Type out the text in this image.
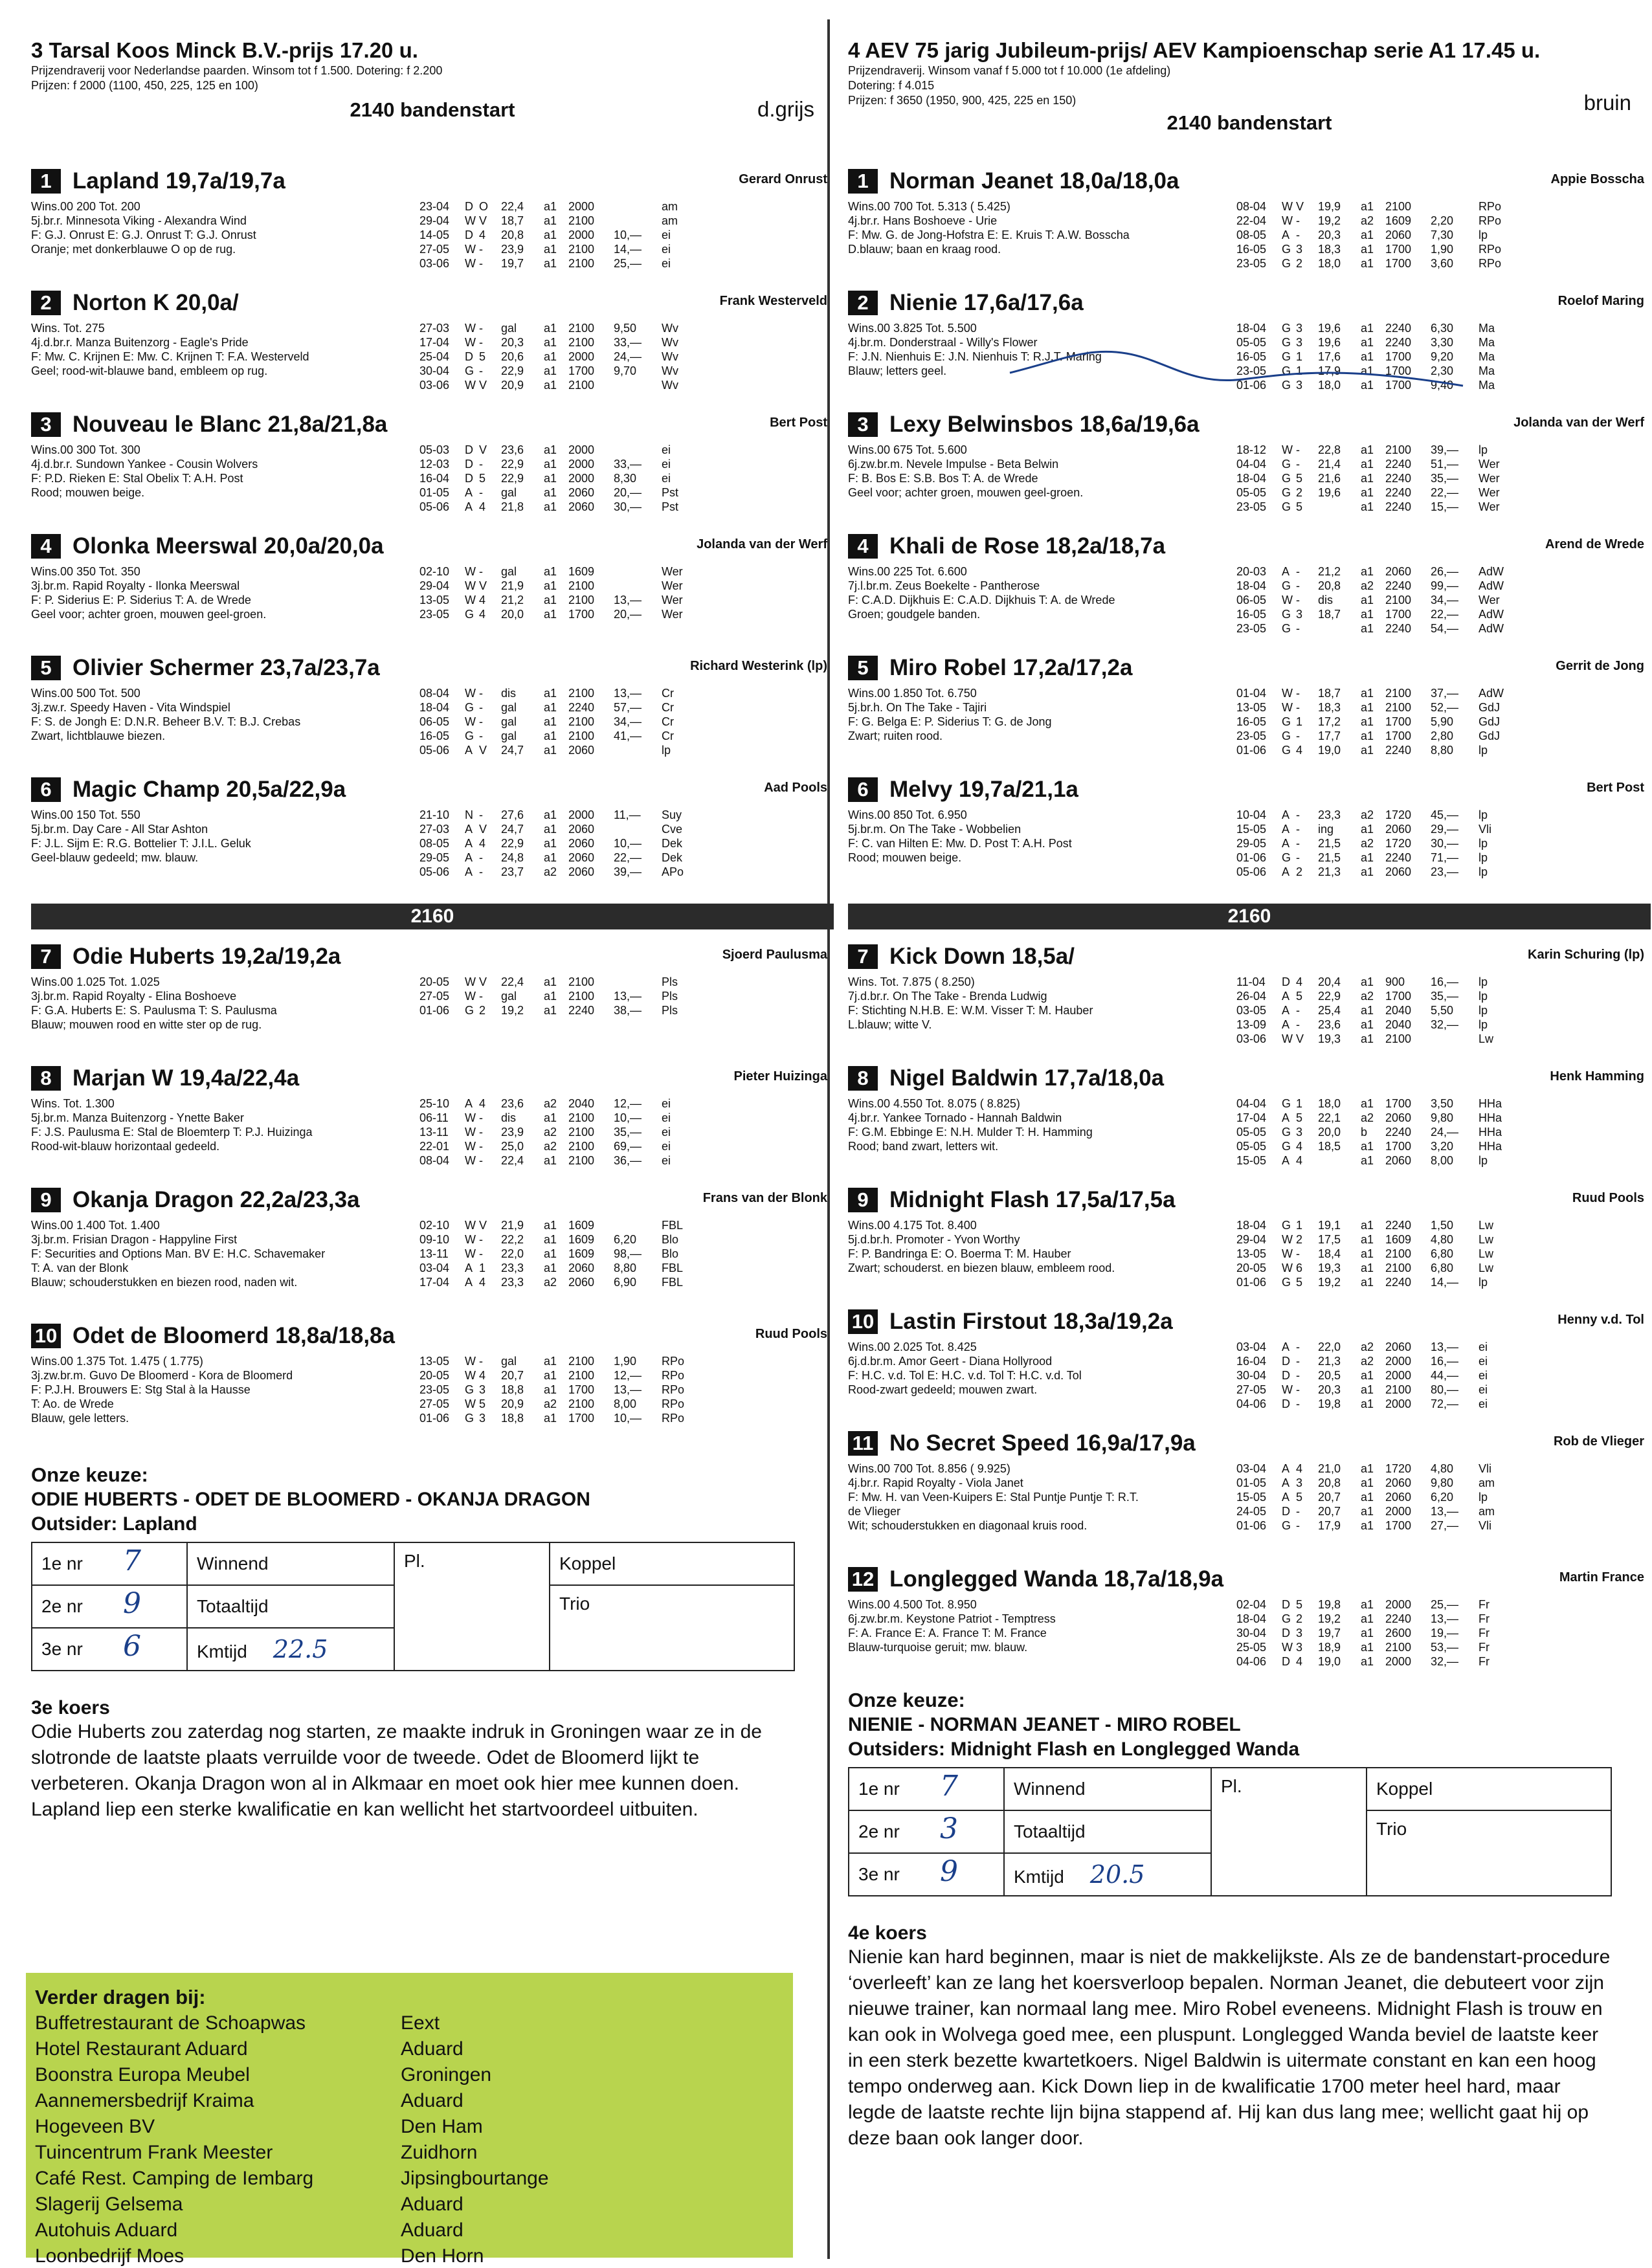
3 Tarsal Koos Minck B.V.-prijs 17.20 u.
Prijzendraverij voor Nederlandse paarden. Winsom tot f 1.500. Dotering: f 2.200
Prijzen: f 2000 (1100, 450, 225, 125 en 100)
2140 bandenstart	d.grijs
1 Lapland 19,7a/19,7a	Gerard Onrust
Wins.00 200 Tot. 200
5j.br.r. Minnesota Viking - Alexandra Wind
F: G.J. Onrust E: G.J. Onrust T: G.J. Onrust
Oranje; met donkerblauwe O op de rug.
23-04	D O	22,4	a1 2000	am
29-04	W V	18,7	a1 2100	am
14-05	D 4	20,8	a1 2000	10,—	ei
27-05	W -	23,9	a1 2100	14,—	ei
03-06	W -	19,7	a1 2100	25,—	ei
2 Norton K 20,0a/	Frank Westerveld
Wins. Tot. 275
4j.d.br.r. Manza Buitenzorg - Eagle's Pride
F: Mw. C. Krijnen E: Mw. C. Krijnen T: F.A. Westerveld
Geel; rood-wit-blauwe band, embleem op rug.
27-03	W -	gal	a1 2100	9,50	Wv
17-04	W -	20,3	a1 2100	33,—	Wv
25-04	D 5	20,6	a1 2000	24,—	Wv
30-04	G -	22,9	a1 1700	9,70	Wv
03-06	W V	20,9	a1 2100	Wv
3 Nouveau le Blanc 21,8a/21,8a	Bert Post
Wins.00 300 Tot. 300
4j.d.br.r. Sundown Yankee - Cousin Wolvers
F: P.D. Rieken E: Stal Obelix T: A.H. Post
Rood; mouwen beige.
05-03	D V	23,6	a1 2000	ei
12-03	D -	22,9	a1 2000	33,—	ei
16-04	D 5	22,9	a1 2000	8,30	ei
01-05	A -	gal	a1 2060	20,—	Pst
05-06	A 4	21,8	a1 2060	30,—	Pst
4 Olonka Meerswal 20,0a/20,0a	Jolanda van der Werf
Wins.00 350 Tot. 350
3j.br.m. Rapid Royalty - Ilonka Meerswal
F: P. Siderius E: P. Siderius T: A. de Wrede
Geel voor; achter groen, mouwen geel-groen.
02-10	W -	gal	a1 1609	Wer
29-04	W V	21,9	a1 2100	Wer
13-05	W 4	21,2	a1 2100	13,—	Wer
23-05	G 4	20,0	a1 1700	20,—	Wer
5 Olivier Schermer 23,7a/23,7a	Richard Westerink (lp)
Wins.00 500 Tot. 500
3j.zw.r. Speedy Haven - Vita Windspiel
F: S. de Jongh E: D.N.R. Beheer B.V. T: B.J. Crebas
Zwart, lichtblauwe biezen.
08-04	W -	dis	a1 2100	13,—	Cr
18-04	G -	gal	a1 2240	57,—	Cr
06-05	W -	gal	a1 2100	34,—	Cr
16-05	G -	gal	a1 2100	41,—	Cr
05-06	A V	24,7	a1 2060	lp
6 Magic Champ 20,5a/22,9a	Aad Pools
Wins.00 150 Tot. 550
5j.br.m. Day Care - All Star Ashton
F: J.L. Sijm E: R.G. Bottelier T: J.I.L. Geluk
Geel-blauw gedeeld; mw. blauw.
21-10	N -	27,6	a1 2000	11,—	Suy
27-03	A V	24,7	a1 2060	Cve
08-05	A 4	22,9	a1 2060	10,—	Dek
29-05	A -	24,8	a1 2060	22,—	Dek
05-06	A -	23,7	a2 2060	39,—	APo
2160
7 Odie Huberts 19,2a/19,2a	Sjoerd Paulusma
Wins.00 1.025 Tot. 1.025
3j.br.m. Rapid Royalty - Elina Boshoeve
F: G.A. Huberts E: S. Paulusma T: S. Paulusma
Blauw; mouwen rood en witte ster op de rug.
20-05	W V	22,4	a1 2100	Pls
27-05	W -	gal	a1 2100	13,—	Pls
01-06	G 2	19,2	a1 2240	38,—	Pls
8 Marjan W 19,4a/22,4a	Pieter Huizinga
Wins. Tot. 1.300
5j.br.m. Manza Buitenzorg - Ynette Baker
F: J.S. Paulusma E: Stal de Bloemterp T: P.J. Huizinga
Rood-wit-blauw horizontaal gedeeld.
25-10	A 4	23,6	a2 2040	12,—	ei
06-11	W -	dis	a1 2100	10,—	ei
13-11	W -	23,9	a2 2100	35,—	ei
22-01	W -	25,0	a2 2100	69,—	ei
08-04	W -	22,4	a1 2100	36,—	ei
9 Okanja Dragon 22,2a/23,3a	Frans van der Blonk
Wins.00 1.400 Tot. 1.400
3j.br.m. Frisian Dragon - Happyline First
F: Securities and Options Man. BV E: H.C. Schavemaker
T: A. van der Blonk
Blauw; schouderstukken en biezen rood, naden wit.
02-10	W V	21,9	a1 1609	FBL
09-10	W -	22,2	a1 1609	6,20	Blo
13-11	W -	22,0	a1 1609	98,—	Blo
03-04	A 1	23,3	a1 2060	8,80	FBL
17-04	A 4	23,3	a2 2060	6,90	FBL
10 Odet de Bloomerd 18,8a/18,8a	Ruud Pools
Wins.00 1.375 Tot. 1.475 ( 1.775)
3j.zw.br.m. Guvo De Bloomerd - Kora de Bloomerd
F: P.J.H. Brouwers E: Stg Stal à la Hausse
T: Ao. de Wrede
Blauw, gele letters.
13-05	W -	gal	a1 2100	1,90	RPo
20-05	W 4	20,7	a1 2100	12,—	RPo
23-05	G 3	18,8	a1 1700	13,—	RPo
27-05	W 5	20,9	a2 2100	8,00	RPo
01-06	G 3	18,8	a1 1700	10,—	RPo
Onze keuze:
ODIE HUBERTS - ODET DE BLOOMERD - OKANJA DRAGON
Outsider: Lapland
1e nr 7	Winnend	Pl.	Koppel
2e nr 9	Totaaltijd		Trio
3e nr 6	Kmtijd 22.5		
3e koers
Odie Huberts zou zaterdag nog starten, ze maakte indruk in Groningen waar ze in de slotronde de laatste plaats verruilde voor de tweede. Odet de Bloomerd lijkt te verbeteren. Okanja Dragon won al in Alkmaar en moet ook hier mee kunnen doen. Lapland liep een sterke kwalificatie en kan wellicht het startvoordeel uitbuiten.
Verder dragen bij:
Buffetrestaurant de Schoapwas	Eext
Hotel Restaurant Aduard	Aduard
Boonstra Europa Meubel	Groningen
Aannemersbedrijf Kraima	Aduard
Hogeveen BV	Den Ham
Tuincentrum Frank Meester	Zuidhorn
Café Rest. Camping de Iembarg	Jipsingbourtange
Slagerij Gelsema	Aduard
Autohuis Aduard	Aduard
Loonbedrijf Moes	Den Horn
4 AEV 75 jarig Jubileum-prijs/ AEV Kampioenschap serie A1 17.45 u.
Prijzendraverij. Winsom vanaf f 5.000 tot f 10.000 (1e afdeling)
Dotering: f 4.015
Prijzen: f 3650 (1950, 900, 425, 225 en 150)
2140 bandenstart
bruin
1 Norman Jeanet 18,0a/18,0a	Appie Bosscha
Wins.00 700 Tot. 5.313 ( 5.425)
4j.br.r. Hans Boshoeve - Urie
F: Mw. G. de Jong-Hofstra E: E. Kruis T: A.W. Bosscha
D.blauw; baan en kraag rood.
08-04	W V	19,9	a1 2100	RPo
22-04	W -	19,2	a2 1609	2,20	RPo
08-05	A -	20,3	a1 2060	7,30	lp
16-05	G 3	18,3	a1 1700	1,90	RPo
23-05	G 2	18,0	a1 1700	3,60	RPo
2 Nienie 17,6a/17,6a	Roelof Maring
Wins.00 3.825 Tot. 5.500
4j.br.m. Donderstraal - Willy's Flower
F: J.N. Nienhuis E: J.N. Nienhuis T: R.J.T. Maring
Blauw; letters geel.
18-04	G 3	19,6	a1 2240	6,30	Ma
05-05	G 3	19,6	a1 2240	3,30	Ma
16-05	G 1	17,6	a1 1700	9,20	Ma
23-05	G 1	17,9	a1 1700	2,30	Ma
01-06	G 3	18,0	a1 1700	9,40	Ma
3 Lexy Belwinsbos 18,6a/19,6a	Jolanda van der Werf
Wins.00 675 Tot. 5.600
6j.zw.br.m. Nevele Impulse - Beta Belwin
F: B. Bos E: S.B. Bos T: A. de Wrede
Geel voor; achter groen, mouwen geel-groen.
18-12	W -	22,8	a1 2100	39,—	lp
04-04	G -	21,4	a1 2240	51,—	Wer
18-04	G 5	21,6	a1 2240	35,—	Wer
05-05	G 2	19,6	a1 2240	22,—	Wer
23-05	G 5	a1 2240	15,—	Wer
4 Khali de Rose 18,2a/18,7a	Arend de Wrede
Wins.00 225 Tot. 6.600
7j.l.br.m. Zeus Boekelte - Pantherose
F: C.A.D. Dijkhuis E: C.A.D. Dijkhuis T: A. de Wrede
Groen; goudgele banden.
20-03	A -	21,2	a1 2060	26,—	AdW
18-04	G -	20,8	a2 2240	99,—	AdW
06-05	W -	dis	a1 2100	34,—	Wer
16-05	G 3	18,7	a1 1700	22,—	AdW
23-05	G -	a1 2240	54,—	AdW
5 Miro Robel 17,2a/17,2a	Gerrit de Jong
Wins.00 1.850 Tot. 6.750
5j.br.h. On The Take - Tajiri
F: G. Belga E: P. Siderius T: G. de Jong
Zwart; ruiten rood.
01-04	W -	18,7	a1 2100	37,—	AdW
13-05	W -	18,3	a1 2100	52,—	GdJ
16-05	G 1	17,2	a1 1700	5,90	GdJ
23-05	G -	17,7	a1 1700	2,80	GdJ
01-06	G 4	19,0	a1 2240	8,80	lp
6 Melvy 19,7a/21,1a	Bert Post
Wins.00 850 Tot. 6.950
5j.br.m. On The Take - Wobbelien
F: C. van Hilten E: Mw. D. Post T: A.H. Post
Rood; mouwen beige.
10-04	A -	23,3	a2 1720	45,—	lp
15-05	A -	ing	a1 2060	29,—	Vli
29-05	A -	21,5	a2 1720	30,—	lp
01-06	G -	21,5	a1 2240	71,—	lp
05-06	A 2	21,3	a1 2060	23,—	lp
2160
7 Kick Down 18,5a/	Karin Schuring (lp)
Wins. Tot. 7.875 ( 8.250)
7j.d.br.r. On The Take - Brenda Ludwig
F: Stichting N.H.B. E: W.M. Visser T: M. Hauber
L.blauw; witte V.
11-04	D 4	20,4	a1 900	16,—	lp
26-04	A 5	22,9	a2 1700	35,—	lp
03-05	A -	25,4	a1 2040	5,50	lp
13-09	A -	23,6	a1 2040	32,—	lp
03-06	W V	19,3	a1 2100	Lw
8 Nigel Baldwin 17,7a/18,0a	Henk Hamming
Wins.00 4.550 Tot. 8.075 ( 8.825)
4j.br.r. Yankee Tornado - Hannah Baldwin
F: G.M. Ebbinge E: N.H. Mulder T: H. Hamming
Rood; band zwart, letters wit.
04-04	G 1	18,0	a1 1700	3,50	HHa
17-04	A 5	22,1	a2 2060	9,80	HHa
05-05	G 3	20,0	b	2240	24,—	HHa
05-05	G 4	18,5	a1 1700	3,20	HHa
15-05	A 4	a1 2060	8,00	lp
9 Midnight Flash 17,5a/17,5a	Ruud Pools
Wins.00 4.175 Tot. 8.400
5j.d.br.h. Promoter - Yvon Worthy
F: P. Bandringa E: O. Boerma T: M. Hauber
Zwart; schouderst. en biezen blauw, embleem rood.
18-04	G 1	19,1	a1 2240	1,50	Lw
29-04	W 2	17,5	a1 1609	4,80	Lw
13-05	W -	18,4	a1 2100	6,80	Lw
20-05	W 6	19,3	a1 2100	6,80	Lw
01-06	G 5	19,2	a1 2240	14,—	lp
10 Lastin Firstout 18,3a/19,2a	Henny v.d. Tol
Wins.00 2.025 Tot. 8.425
6j.d.br.m. Amor Geert - Diana Hollyrood
F: H.C. v.d. Tol E: H.C. v.d. Tol T: H.C. v.d. Tol
Rood-zwart gedeeld; mouwen zwart.
03-04	A -	22,0	a2 2060	13,—	ei
16-04	D -	21,3	a2 2000	16,—	ei
30-04	D -	20,5	a1 2000	44,—	ei
27-05	W -	20,3	a1 2100	80,—	ei
04-06	D -	19,8	a1 2000	72,—	ei
11 No Secret Speed 16,9a/17,9a	Rob de Vlieger
Wins.00 700 Tot. 8.856 ( 9.925)
4j.br.r. Rapid Royalty - Viola Janet
F: Mw. H. van Veen-Kuipers E: Stal Puntje Puntje T: R.T.
de Vlieger
Wit; schouderstukken en diagonaal kruis rood.
03-04	A 4	21,0	a1 1720	4,80	Vli
01-05	A 3	20,8	a1 2060	9,80	am
15-05	A 5	20,7	a1 2060	6,20	lp
24-05	D -	20,7	a1 2000	13,—	am
01-06	G -	17,9	a1 1700	27,—	Vli
12 Longlegged Wanda 18,7a/18,9a	Martin France
Wins.00 4.500 Tot. 8.950
6j.zw.br.m. Keystone Patriot - Temptress
F: A. France E: A. France T: M. France
Blauw-turquoise geruit; mw. blauw.
02-04	D 5	19,8	a1 2000	25,—	Fr
18-04	G 2	19,2	a1 2240	13,—	Fr
30-04	D 3	19,7	a1 2600	19,—	Fr
25-05	W 3	18,9	a1 2100	53,—	Fr
04-06	D 4	19,0	a1 2000	32,—	Fr
Onze keuze:
NIENIE - NORMAN JEANET - MIRO ROBEL
Outsiders: Midnight Flash en Longlegged Wanda
1e nr 7	Winnend	Pl.	Koppel
2e nr 3	Totaaltijd		Trio
3e nr 9	Kmtijd 20.5		
4e koers
Nienie kan hard beginnen, maar is niet de makkelijkste. Als ze de bandenstart-procedure ‘overleeft’ kan ze lang het koersverloop bepalen. Norman Jeanet, die debuteert voor zijn nieuwe trainer, kan normaal lang mee. Miro Robel eveneens. Midnight Flash is trouw en kan ook in Wolvega goed mee, een pluspunt. Longlegged Wanda beviel de laatste keer in een sterk bezette kwartetkoers. Nigel Baldwin is uitermate constant en kan een hoog tempo onderweg aan. Kick Down liep in de kwalificatie 1700 meter heel hard, maar legde de laatste rechte lijn bijna stappend af. Hij kan dus lang mee; wellicht gaat hij op deze baan ook langer door.
